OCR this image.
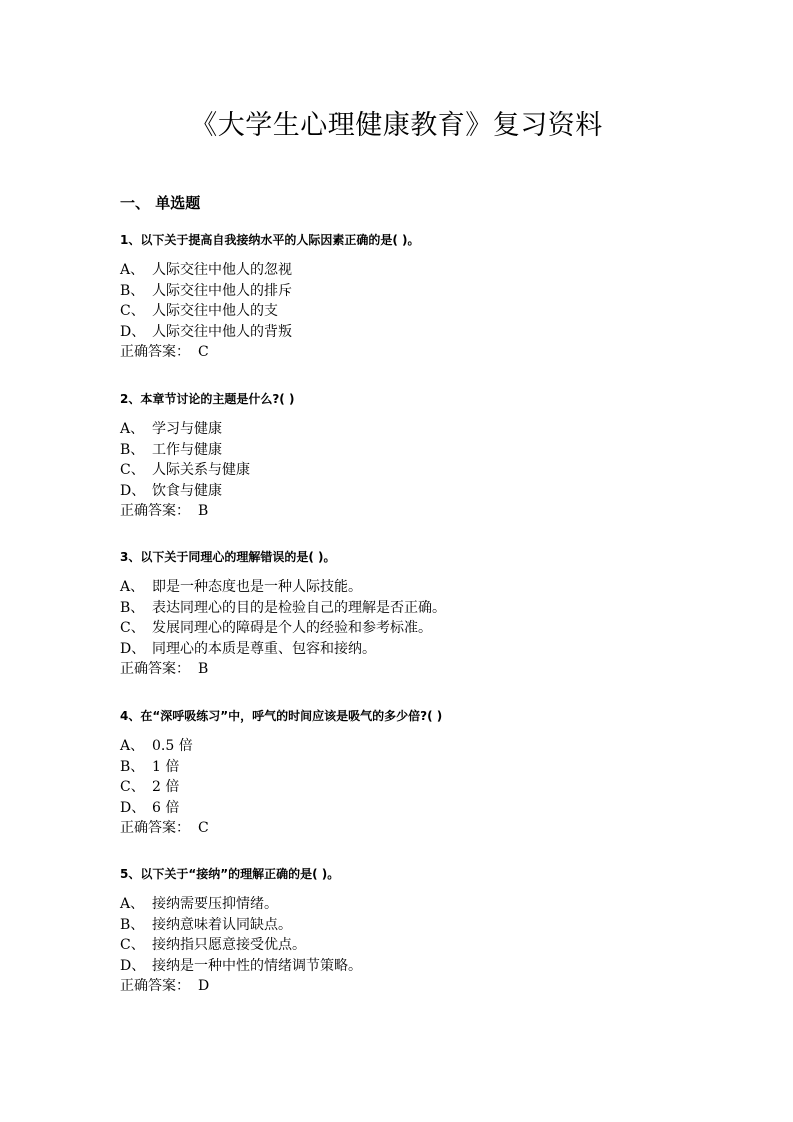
《大学生心理健康教育》复习资料
一、 单选题
1、以下关于提高自我接纳水平的人际因素正确的是( )。
A、 人际交往中他人的忽视
B、 人际交往中他人的排斥
C、 人际交往中他人的支
D、 人际交往中他人的背叛
正确答案： C
2、本章节讨论的主题是什么?( )
A、 学习与健康
B、 工作与健康
C、 人际关系与健康
D、 饮食与健康
正确答案： B
3、以下关于同理心的理解错误的是( )。
A、 即是一种态度也是一种人际技能。
B、 表达同理心的目的是检验自己的理解是否正确。
C、 发展同理心的障碍是个人的经验和参考标准。
D、 同理心的本质是尊重、包容和接纳。
正确答案： B
4、在“深呼吸练习”中，呼气的时间应该是吸气的多少倍?( )
A、 0.5 倍
B、 1 倍
C、 2 倍
D、 6 倍
正确答案： C
5、以下关于“接纳”的理解正确的是( )。
A、 接纳需要压抑情绪。
B、 接纳意味着认同缺点。
C、 接纳指只愿意接受优点。
D、 接纳是一种中性的情绪调节策略。
正确答案： D
